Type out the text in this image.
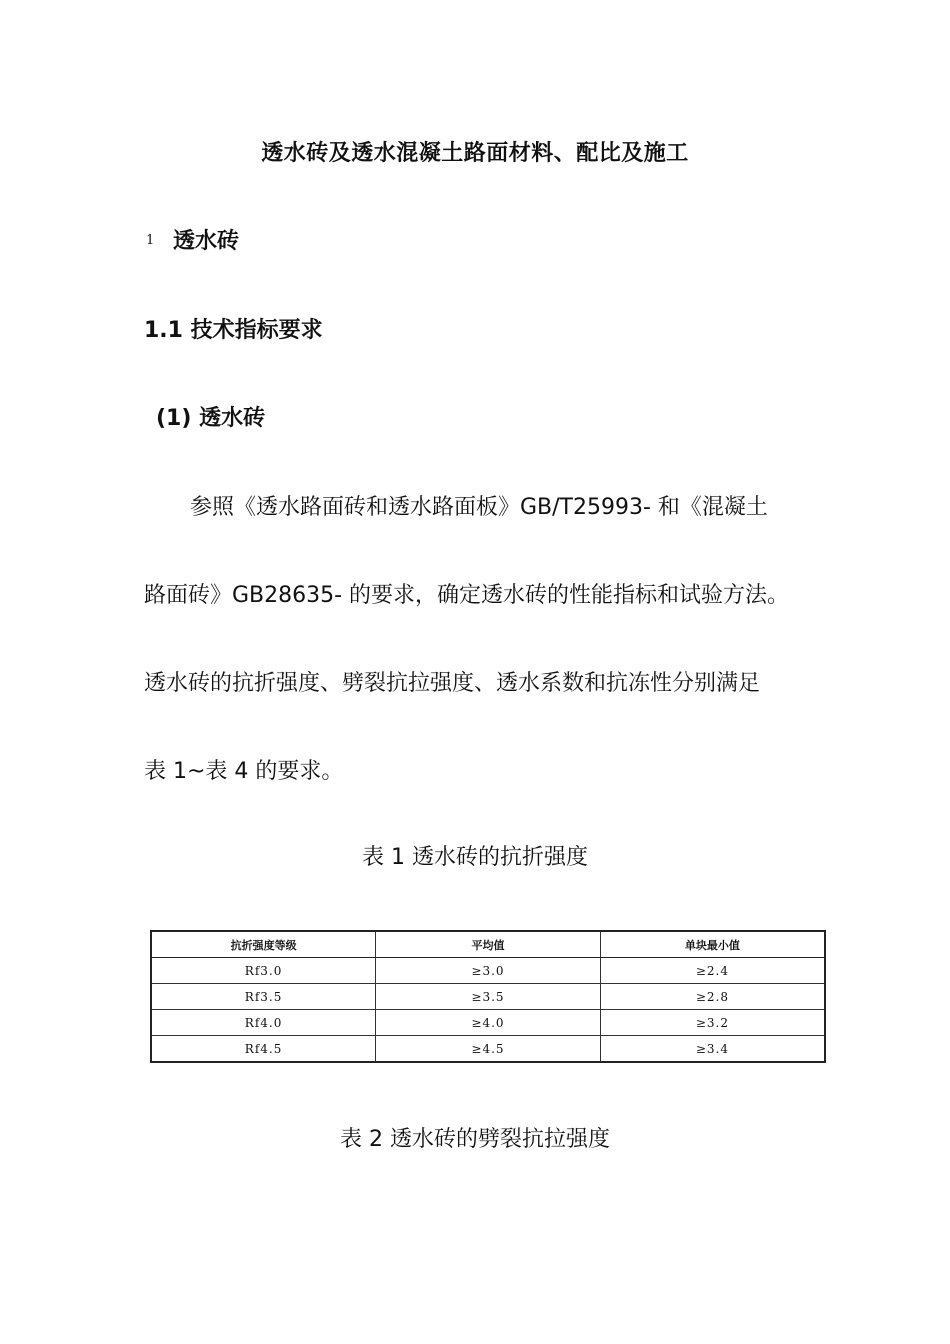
透水砖及透水混凝土路面材料、配比及施工
1 透水砖
1.1 技术指标要求
(1) 透水砖
参照《透水路面砖和透水路面板》GB/T25993- 和《混凝土
路面砖》GB28635- 的要求，确定透水砖的性能指标和试验方法。
透水砖的抗折强度、劈裂抗拉强度、透水系数和抗冻性分别满足
表 1~表 4 的要求。
表 1 透水砖的抗折强度
抗折强度等级	平均值	单块最小值
Rf3.0	≥3.0	≥2.4
Rf3.5	≥3.5	≥2.8
Rf4.0	≥4.0	≥3.2
Rf4.5	≥4.5	≥3.4
表 2 透水砖的劈裂抗拉强度
